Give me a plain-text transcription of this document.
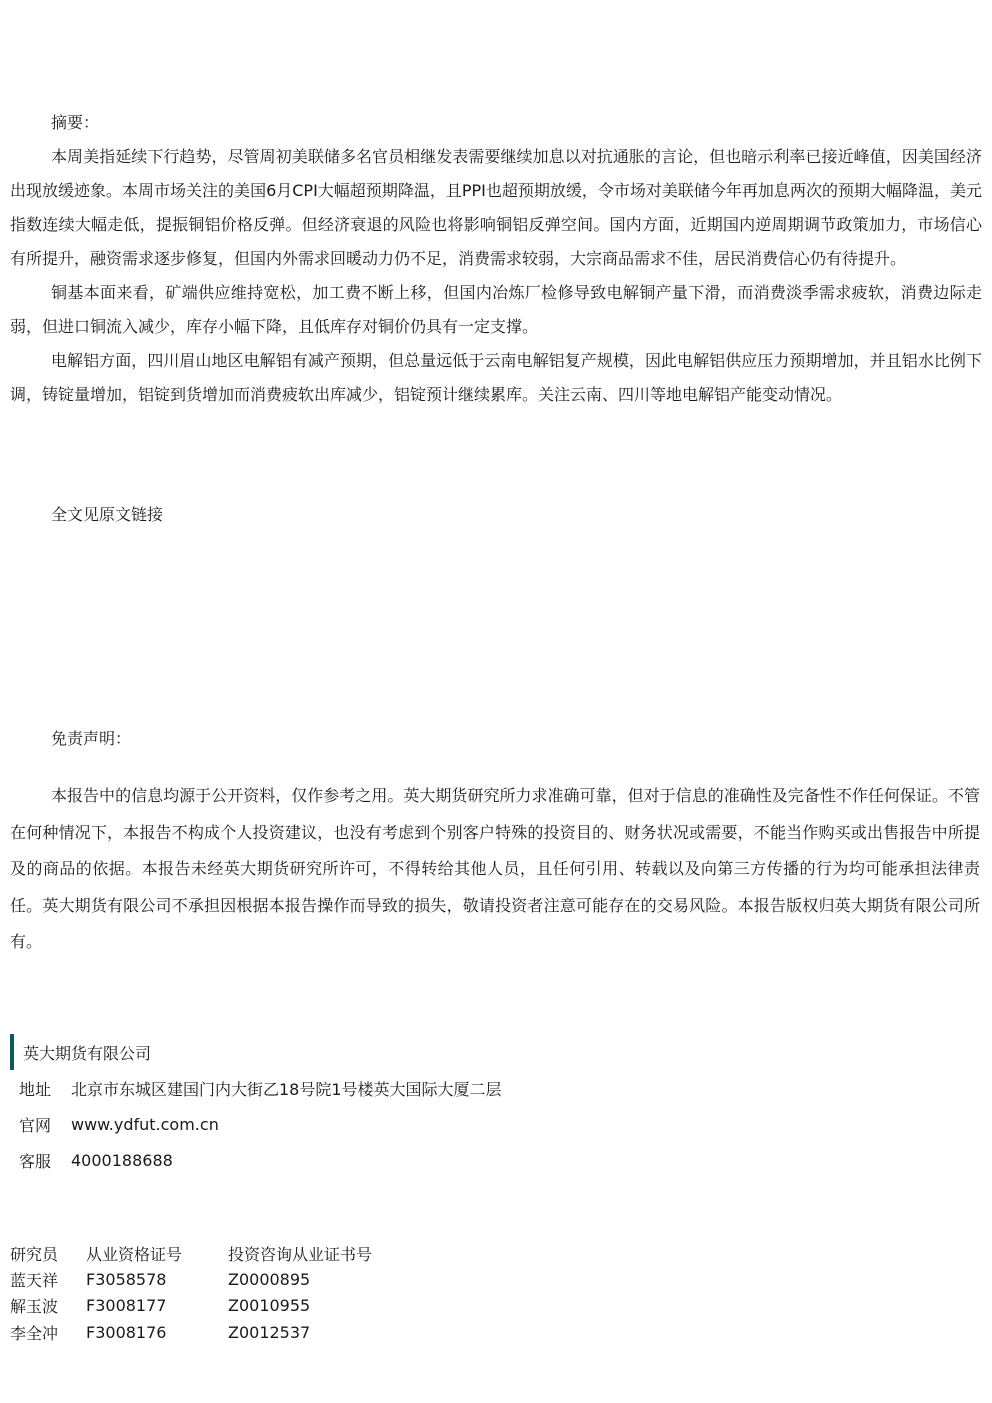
摘要：

本周美指延续下行趋势，尽管周初美联储多名官员相继发表需要继续加息以对抗通胀的言论，但也暗示利率已接近峰值，因美国经济出现放缓迹象。本周市场关注的美国6月CPI大幅超预期降温，且PPI也超预期放缓，令市场对美联储今年再加息两次的预期大幅降温，美元指数连续大幅走低，提振铜铝价格反弹。但经济衰退的风险也将影响铜铝反弹空间。国内方面，近期国内逆周期调节政策加力，市场信心有所提升，融资需求逐步修复，但国内外需求回暖动力仍不足，消费需求较弱，大宗商品需求不佳，居民消费信心仍有待提升。

铜基本面来看，矿端供应维持宽松，加工费不断上移，但国内冶炼厂检修导致电解铜产量下滑，而消费淡季需求疲软，消费边际走弱，但进口铜流入减少，库存小幅下降，且低库存对铜价仍具有一定支撑。

电解铝方面，四川眉山地区电解铝有减产预期，但总量远低于云南电解铝复产规模，因此电解铝供应压力预期增加，并且铝水比例下调，铸锭量增加，铝锭到货增加而消费疲软出库减少，铝锭预计继续累库。关注云南、四川等地电解铝产能变动情况。

全文见原文链接
免责声明：

本报告中的信息均源于公开资料，仅作参考之用。英大期货研究所力求准确可靠，但对于信息的准确性及完备性不作任何保证。不管在何种情况下，本报告不构成个人投资建议，也没有考虑到个别客户特殊的投资目的、财务状况或需要，不能当作购买或出售报告中所提及的商品的依据。本报告未经英大期货研究所许可，不得转给其他人员，且任何引用、转载以及向第三方传播的行为均可能承担法律责任。英大期货有限公司不承担因根据本报告操作而导致的损失，敬请投资者注意可能存在的交易风险。本报告版权归英大期货有限公司所有。

英大期货有限公司
地址	北京市东城区建国门内大街乙18号院1号楼英大国际大厦二层
官网	www.ydfut.com.cn
客服	4000188688
研究员	从业资格证号	投资咨询从业证书号
蓝天祥	F3058578	Z0000895
解玉波	F3008177	Z0010955
李全冲	F3008176	Z0012537
